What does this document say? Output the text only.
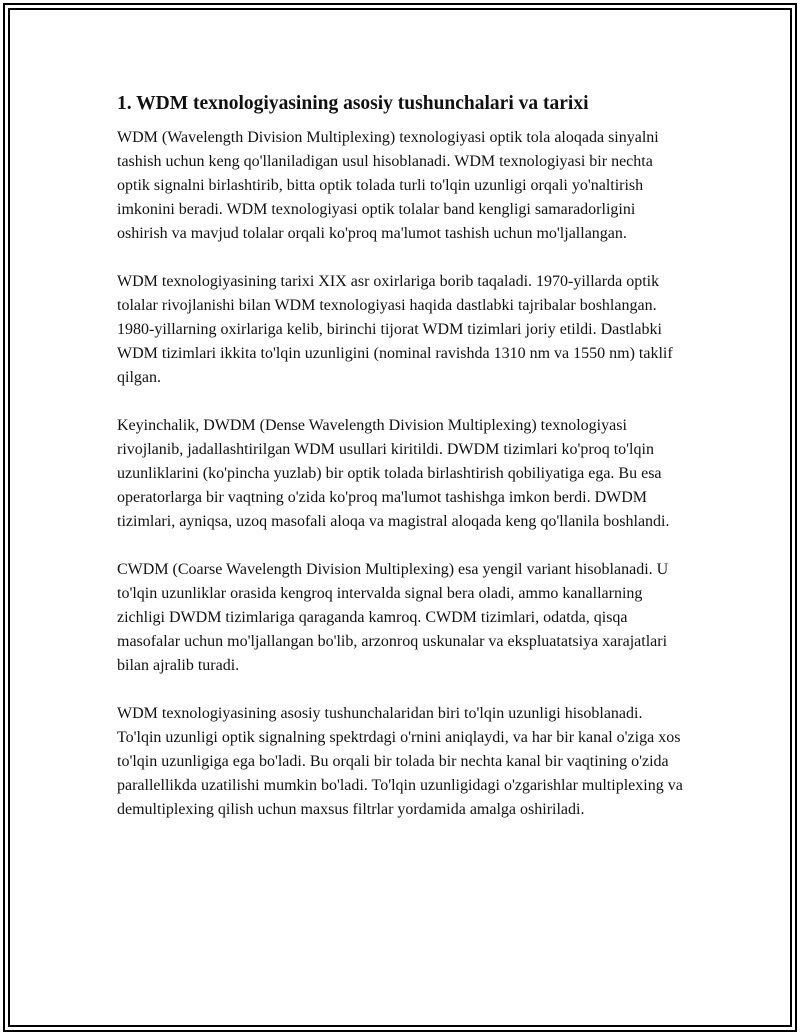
1. WDM texnologiyasining asosiy tushunchalari va tarixi

WDM (Wavelength Division Multiplexing) texnologiyasi optik tola aloqada sinyalni tashish uchun keng qo'llaniladigan usul hisoblanadi. WDM texnologiyasi bir nechta optik signalni birlashtirib, bitta optik tolada turli to'lqin uzunligi orqali yo'naltirish imkonini beradi. WDM texnologiyasi optik tolalar band kengligi samaradorligini oshirish va mavjud tolalar orqali ko'proq ma'lumot tashish uchun mo'ljallangan.

WDM texnologiyasining tarixi XIX asr oxirlariga borib taqaladi. 1970-yillarda optik tolalar rivojlanishi bilan WDM texnologiyasi haqida dastlabki tajribalar boshlangan. 1980-yillarning oxirlariga kelib, birinchi tijorat WDM tizimlari joriy etildi. Dastlabki WDM tizimlari ikkita to'lqin uzunligini (nominal ravishda 1310 nm va 1550 nm) taklif qilgan.

Keyinchalik, DWDM (Dense Wavelength Division Multiplexing) texnologiyasi rivojlanib, jadallashtirilgan WDM usullari kiritildi. DWDM tizimlari ko'proq to'lqin uzunliklarini (ko'pincha yuzlab) bir optik tolada birlashtirish qobiliyatiga ega. Bu esa operatorlarga bir vaqtning o'zida ko'proq ma'lumot tashishga imkon berdi. DWDM tizimlari, ayniqsa, uzoq masofali aloqa va magistral aloqada keng qo'llanila boshlandi.

CWDM (Coarse Wavelength Division Multiplexing) esa yengil variant hisoblanadi. U to'lqin uzunliklar orasida kengroq intervalda signal bera oladi, ammo kanallarning zichligi DWDM tizimlariga qaraganda kamroq. CWDM tizimlari, odatda, qisqa masofalar uchun mo'ljallangan bo'lib, arzonroq uskunalar va ekspluatatsiya xarajatlari bilan ajralib turadi.

WDM texnologiyasining asosiy tushunchalaridan biri to'lqin uzunligi hisoblanadi. To'lqin uzunligi optik signalning spektrdagi o'rnini aniqlaydi, va har bir kanal o'ziga xos to'lqin uzunligiga ega bo'ladi. Bu orqali bir tolada bir nechta kanal bir vaqtining o'zida parallellikda uzatilishi mumkin bo'ladi. To'lqin uzunligidagi o'zgarishlar multiplexing va demultiplexing qilish uchun maxsus filtrlar yordamida amalga oshiriladi.
